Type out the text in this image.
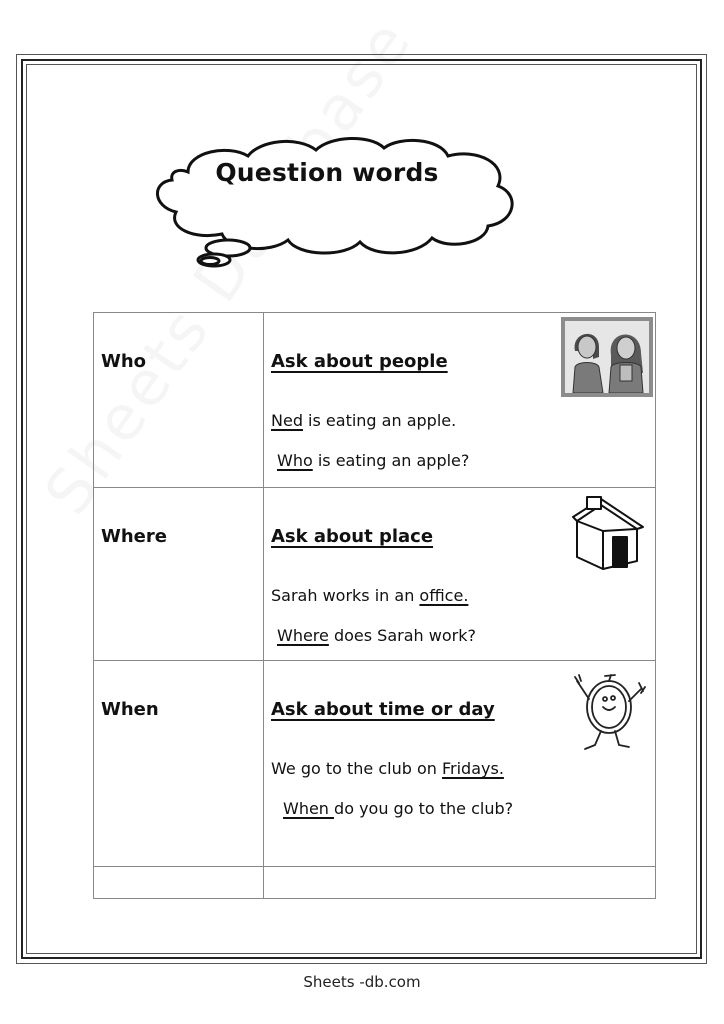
Question words
Who	Ask about people
Ned is eating an apple.
Who is eating an apple?

Where	Ask about place
Sarah works in an office.
Where does Sarah work?

When	Ask about time or day
We go to the club on Fridays.
When do you go to the club?

Sheets -db.com
